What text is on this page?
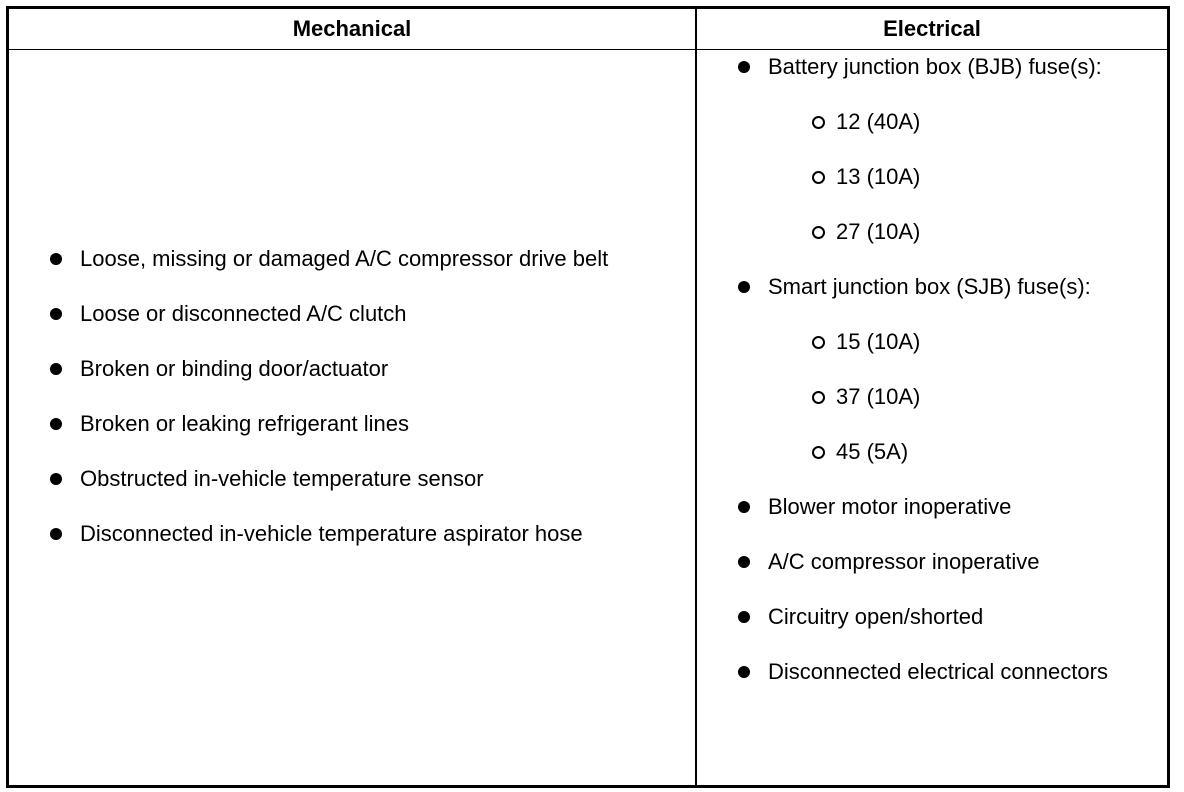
Mechanical	Electrical
Loose, missing or damaged A/C compressor drive belt
Loose or disconnected A/C clutch
Broken or binding door/actuator
Broken or leaking refrigerant lines
Obstructed in-vehicle temperature sensor
Disconnected in-vehicle temperature aspirator hose
Battery junction box (BJB) fuse(s):
12 (40A)
13 (10A)
27 (10A)
Smart junction box (SJB) fuse(s):
15 (10A)
37 (10A)
45 (5A)
Blower motor inoperative
A/C compressor inoperative
Circuitry open/shorted
Disconnected electrical connectors
